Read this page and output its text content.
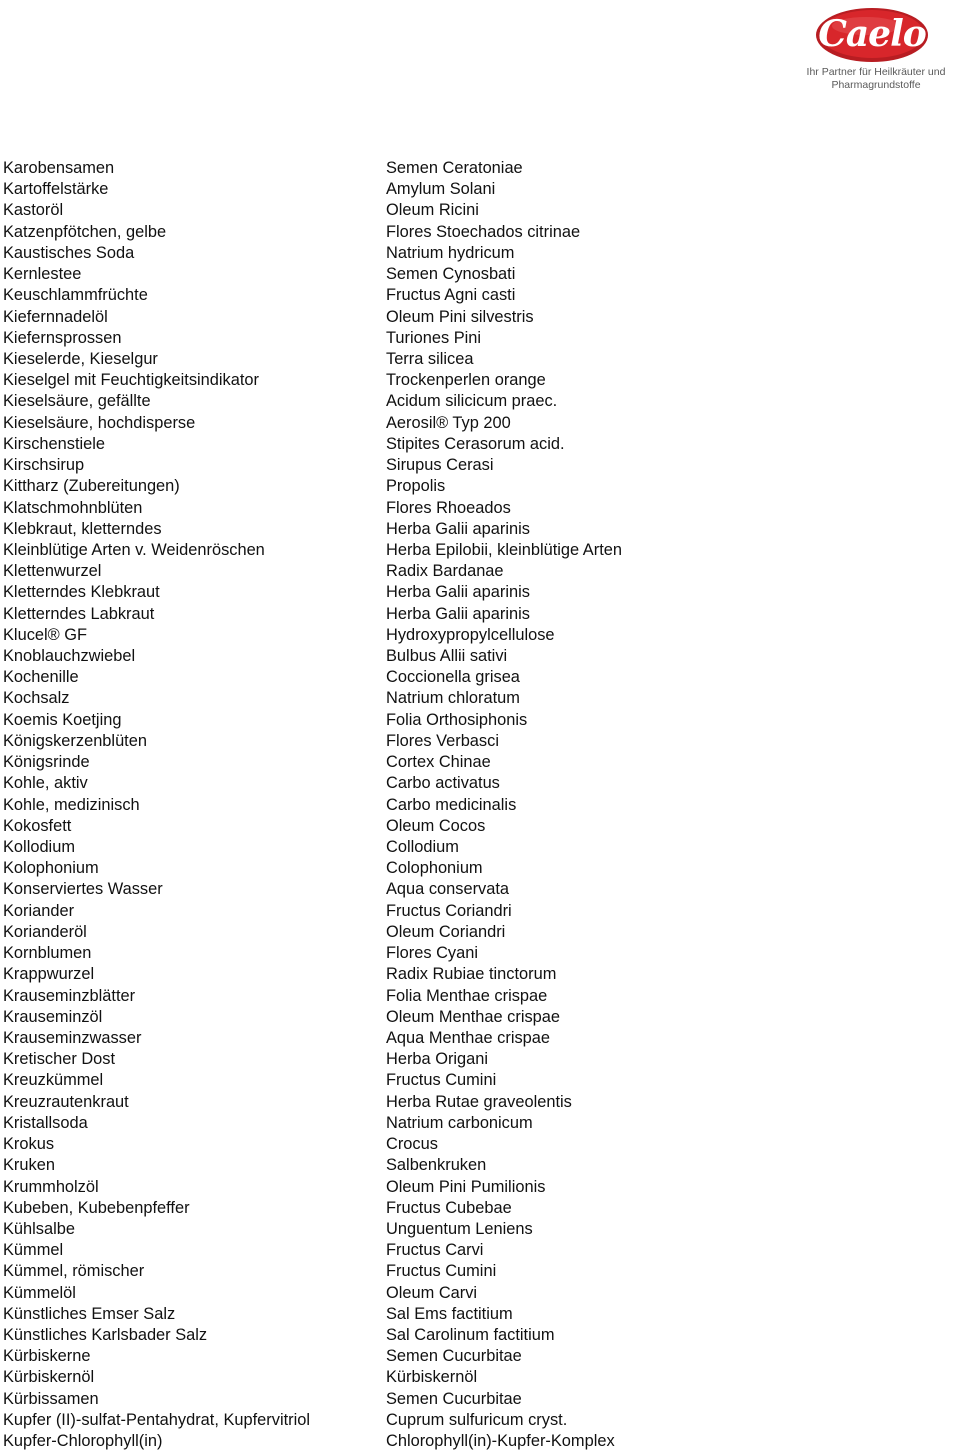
Caelo
Ihr Partner für Heilkräuter und
Pharmagrundstoffe
Karobensamen	Semen Ceratoniae
Kartoffelstärke	Amylum Solani
Kastoröl	Oleum Ricini
Katzenpfötchen, gelbe	Flores Stoechados citrinae
Kaustisches Soda	Natrium hydricum
Kernlestee	Semen Cynosbati
Keuschlammfrüchte	Fructus Agni casti
Kiefernnadelöl	Oleum Pini silvestris
Kiefernsprossen	Turiones Pini
Kieselerde, Kieselgur	Terra silicea
Kieselgel mit Feuchtigkeitsindikator	Trockenperlen orange
Kieselsäure, gefällte	Acidum silicicum praec.
Kieselsäure, hochdisperse	Aerosil® Typ 200
Kirschenstiele	Stipites Cerasorum acid.
Kirschsirup	Sirupus Cerasi
Kittharz (Zubereitungen)	Propolis
Klatschmohnblüten	Flores Rhoeados
Klebkraut, kletterndes	Herba Galii aparinis
Kleinblütige Arten v. Weidenröschen	Herba Epilobii, kleinblütige Arten
Klettenwurzel	Radix Bardanae
Kletterndes Klebkraut	Herba Galii aparinis
Kletterndes Labkraut	Herba Galii aparinis
Klucel® GF	Hydroxypropylcellulose
Knoblauchzwiebel	Bulbus Allii sativi
Kochenille	Coccionella grisea
Kochsalz	Natrium chloratum
Koemis Koetjing	Folia Orthosiphonis
Königskerzenblüten	Flores Verbasci
Königsrinde	Cortex Chinae
Kohle, aktiv	Carbo activatus
Kohle, medizinisch	Carbo medicinalis
Kokosfett	Oleum Cocos
Kollodium	Collodium
Kolophonium	Colophonium
Konserviertes Wasser	Aqua conservata
Koriander	Fructus Coriandri
Korianderöl	Oleum Coriandri
Kornblumen	Flores Cyani
Krappwurzel	Radix Rubiae tinctorum
Krauseminzblätter	Folia Menthae crispae
Krauseminzöl	Oleum Menthae crispae
Krauseminzwasser	Aqua Menthae crispae
Kretischer Dost	Herba Origani
Kreuzkümmel	Fructus Cumini
Kreuzrautenkraut	Herba Rutae graveolentis
Kristallsoda	Natrium carbonicum
Krokus	Crocus
Kruken	Salbenkruken
Krummholzöl	Oleum Pini Pumilionis
Kubeben, Kubebenpfeffer	Fructus Cubebae
Kühlsalbe	Unguentum Leniens
Kümmel	Fructus Carvi
Kümmel, römischer	Fructus Cumini
Kümmelöl	Oleum Carvi
Künstliches Emser Salz	Sal Ems factitium
Künstliches Karlsbader Salz	Sal Carolinum factitium
Kürbiskerne	Semen Cucurbitae
Kürbiskernöl	Kürbiskernöl
Kürbissamen	Semen Cucurbitae
Kupfer (II)-sulfat-Pentahydrat, Kupfervitriol	Cuprum sulfuricum cryst.
Kupfer-Chlorophyll(in)	Chlorophyll(in)-Kupfer-Komplex
